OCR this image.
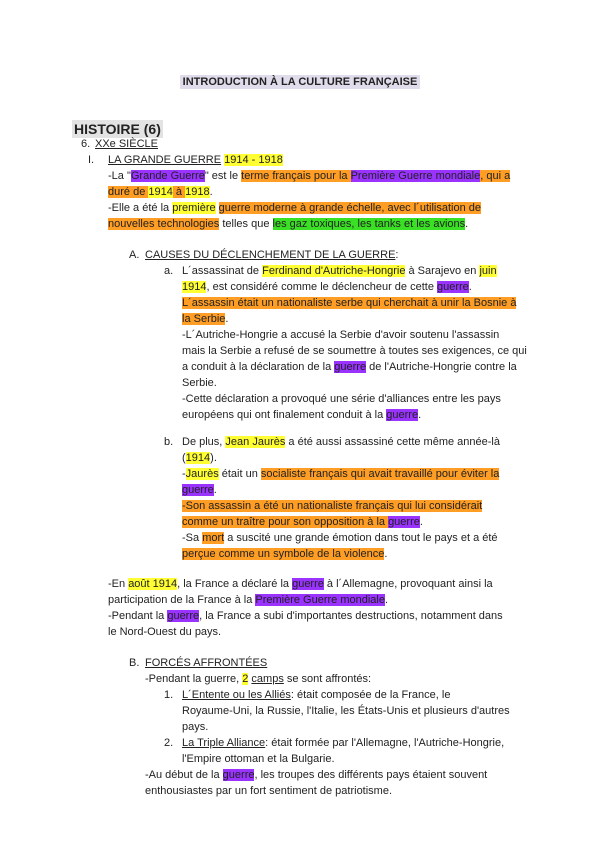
INTRODUCTION À LA CULTURE FRANÇAISE
HISTOIRE (6)
6. XXe SIÈCLE
I. LA GRANDE GUERRE 1914 - 1918
-La "Grande Guerre" est le terme français pour la Première Guerre mondiale, qui a
duré de 1914 à 1918.
-Elle a été la première guerre moderne à grande échelle, avec l´utilisation de
nouvelles technologies telles que les gaz toxiques, les tanks et les avions.
A. CAUSES DU DÉCLENCHEMENT DE LA GUERRE:
a. L´assassinat de Ferdinand d'Autriche-Hongrie à Sarajevo en juin
1914, est considéré comme le déclencheur de cette guerre.
L´assassin était un nationaliste serbe qui cherchait à unir la Bosnie à
la Serbie.
-L´Autriche-Hongrie a accusé la Serbie d'avoir soutenu l'assassin
mais la Serbie a refusé de se soumettre à toutes ses exigences, ce qui
a conduit à la déclaration de la guerre de l'Autriche-Hongrie contre la
Serbie.
-Cette déclaration a provoqué une série d'alliances entre les pays
européens qui ont finalement conduit à la guerre.
b. De plus, Jean Jaurès a été aussi assassiné cette même année-là
(1914).
-Jaurès était un socialiste français qui avait travaillé pour éviter la
guerre.
-Son assassin a été un nationaliste français qui lui considérait
comme un traître pour son opposition à la guerre.
-Sa mort a suscité une grande émotion dans tout le pays et a été
perçue comme un symbole de la violence.
-En août 1914, la France a déclaré la guerre à l´Allemagne, provoquant ainsi la
participation de la France à la Première Guerre mondiale.
-Pendant la guerre, la France a subi d'importantes destructions, notamment dans
le Nord-Ouest du pays.
B. FORCÉS AFFRONTÉES
-Pendant la guerre, 2 camps se sont affrontés:
1. L´Entente ou les Alliés: était composée de la France, le
Royaume-Uni, la Russie, l'Italie, les États-Unis et plusieurs d'autres
pays.
2. La Triple Alliance: était formée par l'Allemagne, l'Autriche-Hongrie,
l'Empire ottoman et la Bulgarie.
-Au début de la guerre, les troupes des différents pays étaient souvent
enthousiastes par un fort sentiment de patriotisme.
